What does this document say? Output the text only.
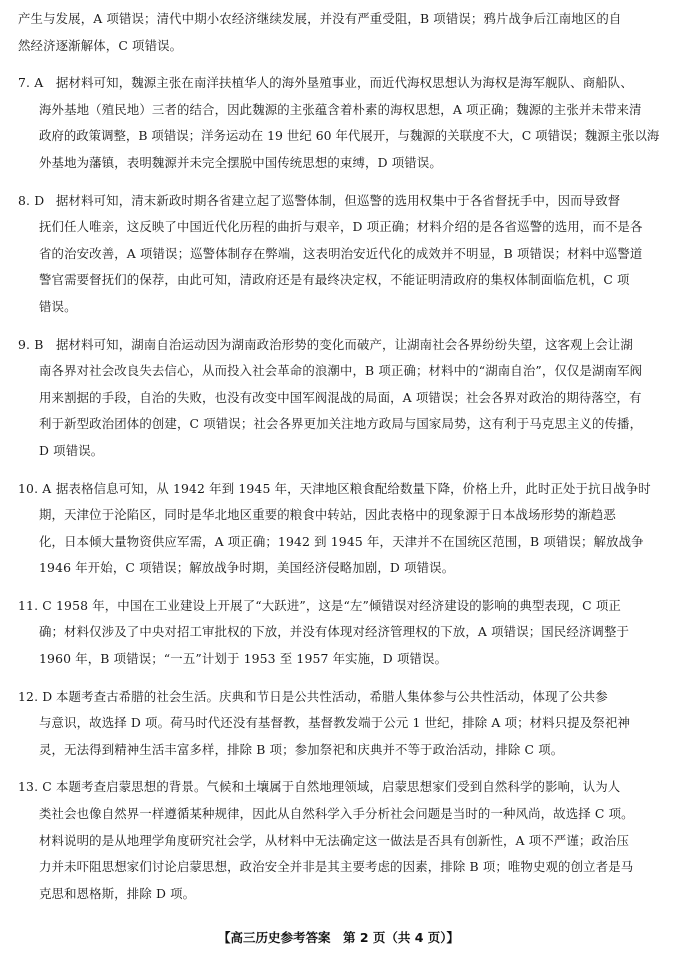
产生与发展，A 项错误；清代中期小农经济继续发展，并没有严重受阻，B 项错误；鸦片战争后江南地区的自
然经济逐渐解体，C 项错误。
7. A 据材料可知，魏源主张在南洋扶植华人的海外垦殖事业，而近代海权思想认为海权是海军舰队、商船队、
海外基地（殖民地）三者的结合，因此魏源的主张蕴含着朴素的海权思想，A 项正确；魏源的主张并未带来清
政府的政策调整，B 项错误；洋务运动在 19 世纪 60 年代展开，与魏源的关联度不大，C 项错误；魏源主张以海
外基地为藩镇，表明魏源并未完全摆脱中国传统思想的束缚，D 项错误。
8. D 据材料可知，清末新政时期各省建立起了巡警体制，但巡警的选用权集中于各省督抚手中，因而导致督
抚们任人唯亲，这反映了中国近代化历程的曲折与艰辛，D 项正确；材料介绍的是各省巡警的选用，而不是各
省的治安改善，A 项错误；巡警体制存在弊端，这表明治安近代化的成效并不明显，B 项错误；材料中巡警道
警官需要督抚们的保荐，由此可知，清政府还是有最终决定权，不能证明清政府的集权体制面临危机，C 项
错误。
9. B 据材料可知，湖南自治运动因为湖南政治形势的变化而破产，让湖南社会各界纷纷失望，这客观上会让湖
南各界对社会改良失去信心，从而投入社会革命的浪潮中，B 项正确；材料中的“湖南自治”，仅仅是湖南军阀
用来割据的手段，自治的失败，也没有改变中国军阀混战的局面，A 项错误；社会各界对政治的期待落空，有
利于新型政治团体的创建，C 项错误；社会各界更加关注地方政局与国家局势，这有利于马克思主义的传播，
D 项错误。
10. A 据表格信息可知，从 1942 年到 1945 年，天津地区粮食配给数量下降，价格上升，此时正处于抗日战争时
期，天津位于沦陷区，同时是华北地区重要的粮食中转站，因此表格中的现象源于日本战场形势的渐趋恶
化，日本倾大量物资供应军需，A 项正确；1942 到 1945 年，天津并不在国统区范围，B 项错误；解放战争
1946 年开始，C 项错误；解放战争时期，美国经济侵略加剧，D 项错误。
11. C 1958 年，中国在工业建设上开展了“大跃进”，这是“左”倾错误对经济建设的影响的典型表现，C 项正
确；材料仅涉及了中央对招工审批权的下放，并没有体现对经济管理权的下放，A 项错误；国民经济调整于
1960 年，B 项错误；“一五”计划于 1953 至 1957 年实施，D 项错误。
12. D 本题考查古希腊的社会生活。庆典和节日是公共性活动，希腊人集体参与公共性活动，体现了公共参
与意识，故选择 D 项。荷马时代还没有基督教，基督教发端于公元 1 世纪，排除 A 项；材料只提及祭祀神
灵，无法得到精神生活丰富多样，排除 B 项；参加祭祀和庆典并不等于政治活动，排除 C 项。
13. C 本题考查启蒙思想的背景。气候和土壤属于自然地理领域，启蒙思想家们受到自然科学的影响，认为人
类社会也像自然界一样遵循某种规律，因此从自然科学入手分析社会问题是当时的一种风尚，故选择 C 项。
材料说明的是从地理学角度研究社会学，从材料中无法确定这一做法是否具有创新性，A 项不严谨；政治压
力并未吓阻思想家们讨论启蒙思想，政治安全并非是其主要考虑的因素，排除 B 项；唯物史观的创立者是马
克思和恩格斯，排除 D 项。
【高三历史参考答案　第 2 页（共 4 页）】
